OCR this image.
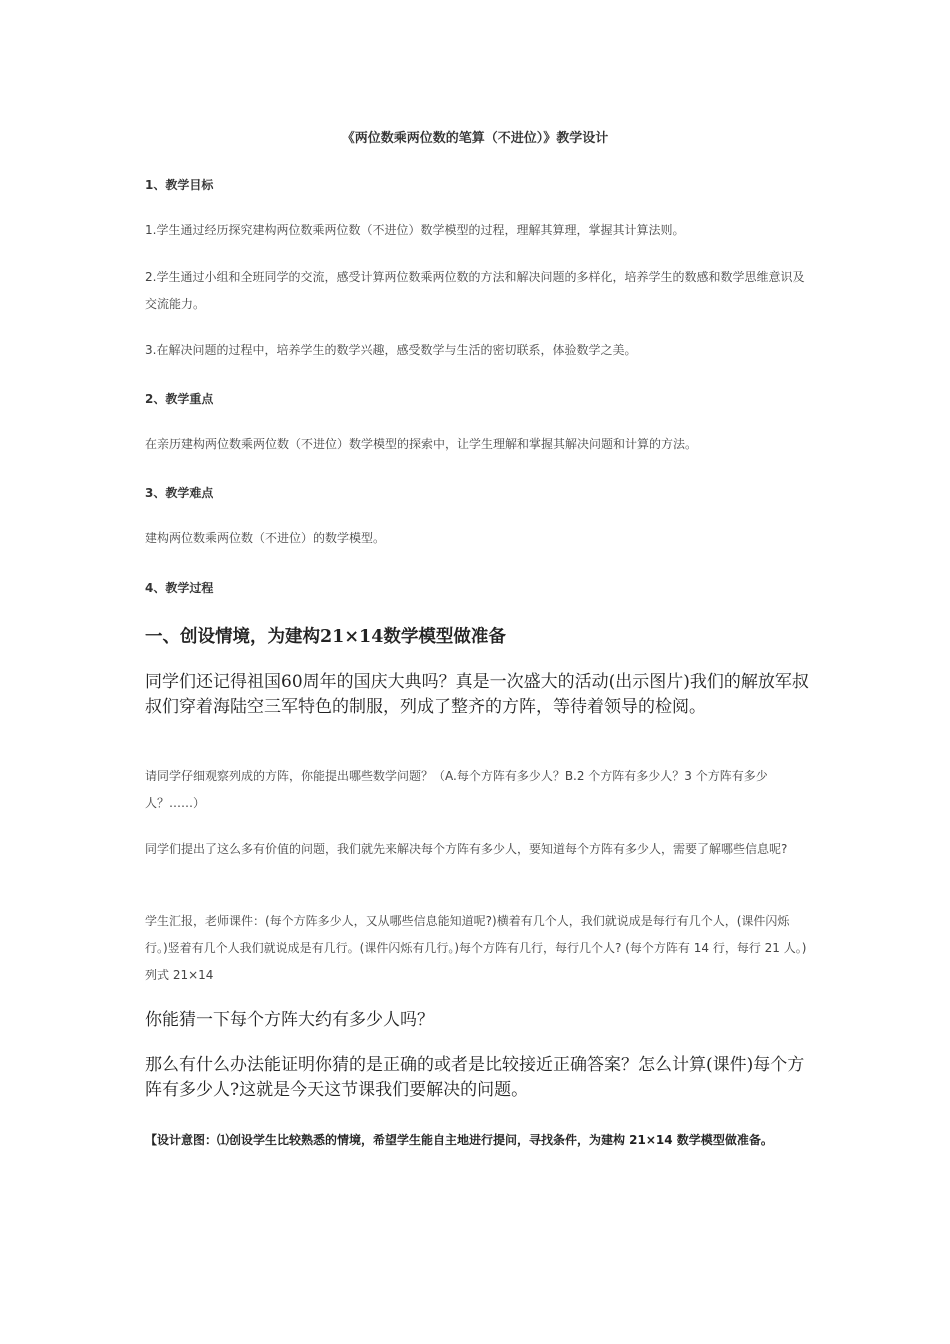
《两位数乘两位数的笔算（不进位）》教学设计
1、教学目标

1.学生通过经历探究建构两位数乘两位数（不进位）数学模型的过程，理解其算理，掌握其计算法则。

2.学生通过小组和全班同学的交流，感受计算两位数乘两位数的方法和解决问题的多样化，培养学生的数感和数学思维意识及交流能力。

3.在解决问题的过程中，培养学生的数学兴趣，感受数学与生活的密切联系，体验数学之美。

2、教学重点

在亲历建构两位数乘两位数（不进位）数学模型的探索中，让学生理解和掌握其解决问题和计算的方法。

3、教学难点

建构两位数乘两位数（不进位）的数学模型。

4、教学过程
一、创设情境，为建构21×14数学模型做准备

同学们还记得祖国60周年的国庆大典吗？真是一次盛大的活动(出示图片)我们的解放军叔叔们穿着海陆空三军特色的制服，列成了整齐的方阵，等待着领导的检阅。

请同学仔细观察列成的方阵，你能提出哪些数学问题？（A.每个方阵有多少人？B.2 个方阵有多少人？3 个方阵有多少人？……）

同学们提出了这么多有价值的问题，我们就先来解决每个方阵有多少人，要知道每个方阵有多少人，需要了解哪些信息呢?

学生汇报，老师课件：(每个方阵多少人，又从哪些信息能知道呢?)横着有几个人，我们就说成是每行有几个人，(课件闪烁行。)竖着有几个人我们就说成是有几行。(课件闪烁有几行。)每个方阵有几行，每行几个人? (每个方阵有 14 行，每行 21 人。)列式 21×14

你能猜一下每个方阵大约有多少人吗？

那么有什么办法能证明你猜的是正确的或者是比较接近正确答案？怎么计算(课件)每个方阵有多少人?这就是今天这节课我们要解决的问题。

【设计意图：⑴创设学生比较熟悉的情境，希望学生能自主地进行提问，寻找条件，为建构 21×14 数学模型做准备。
